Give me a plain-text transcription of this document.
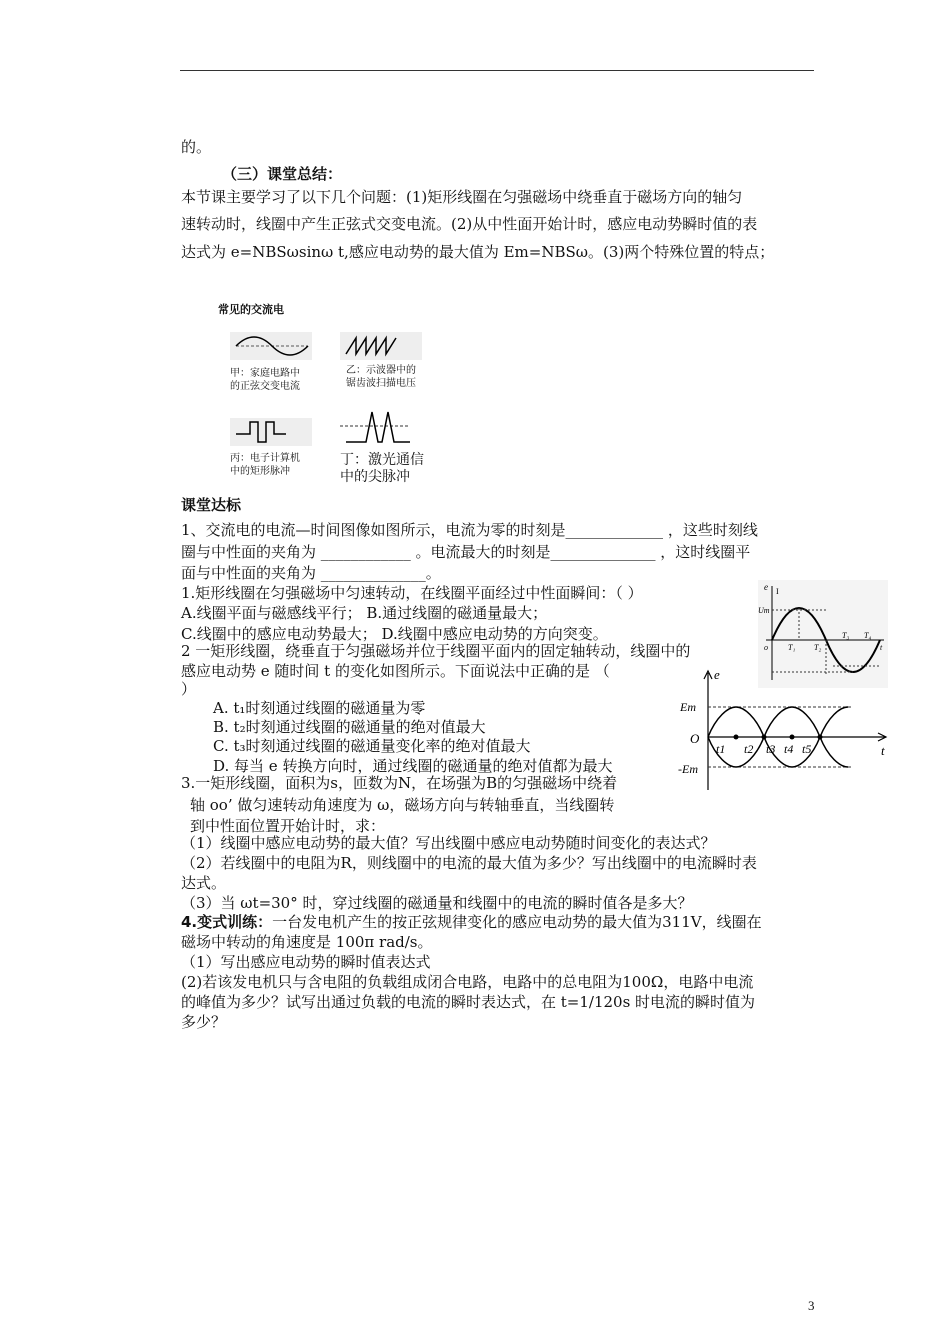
的。
（三）课堂总结：
本节课主要学习了以下几个问题：(1)矩形线圈在匀强磁场中绕垂直于磁场方向的轴匀
速转动时，线圈中产生正弦式交变电流。(2)从中性面开始计时，感应电动势瞬时值的表
达式为 e=NBSωsinω t,感应电动势的最大值为 Em=NBSω。(3)两个特殊位置的特点；
常见的交流电
甲：家庭电路中
的正弦交变电流
乙：示波器中的
锯齿波扫描电压
丙：电子计算机
中的矩形脉冲
丁：激光通信
中的尖脉冲
课堂达标
1、交流电的电流—时间图像如图所示，电流为零的时刻是_____________ ，这些时刻线
圈与中性面的夹角为 ____________ 。电流最大的时刻是______________ ，这时线圈平
面与中性面的夹角为 ______________。
1.矩形线圈在匀强磁场中匀速转动，在线圈平面经过中性面瞬间：（ ）
A.线圈平面与磁感线平行； B.通过线圈的磁通量最大；
C.线圈中的感应电动势最大； D.线圈中感应电动势的方向突变。
2 一矩形线圈，绕垂直于匀强磁场并位于线圈平面内的固定轴转动，线圈中的
感应电动势 e 随时间 t 的变化如图所示。下面说法中正确的是 （
）
A. t₁时刻通过线圈的磁通量为零
B. t₂时刻通过线圈的磁通量的绝对值最大
C. t₃时刻通过线圈的磁通量变化率的绝对值最大
D. 每当 e 转换方向时，通过线圈的磁通量的绝对值都为最大
3.一矩形线圈，面积为s，匝数为N，在场强为B的匀强磁场中绕着
轴 oo’ 做匀速转动角速度为 ω，磁场方向与转轴垂直，当线圈转
到中性面位置开始计时，求：
（1）线圈中感应电动势的最大值？写出线圈中感应电动势随时间变化的表达式？
（2）若线圈中的电阻为R，则线圈中的电流的最大值为多少？写出线圈中的电流瞬时表
达式。
（3）当 ωt=30° 时，穿过线圈的磁通量和线圈中的电流的瞬时值各是多大？
4.变式训练：一台发电机产生的按正弦规律变化的感应电动势的最大值为311V，线圈在
磁场中转动的角速度是 100π rad/s。
（1）写出感应电动势的瞬时值表达式
(2)若该发电机只与含电阻的负载组成闭合电路，电路中的总电阻为100Ω，电路中电流
的峰值为多少？试写出通过负载的电流的瞬时表达式，在 t=1/120s 时电流的瞬时值为
多少？
e I
Um
o	T₁ T₂
T₃ T₄
t
e
Em
O
-Em
t1 t2 t3 t4 t5	t
3
